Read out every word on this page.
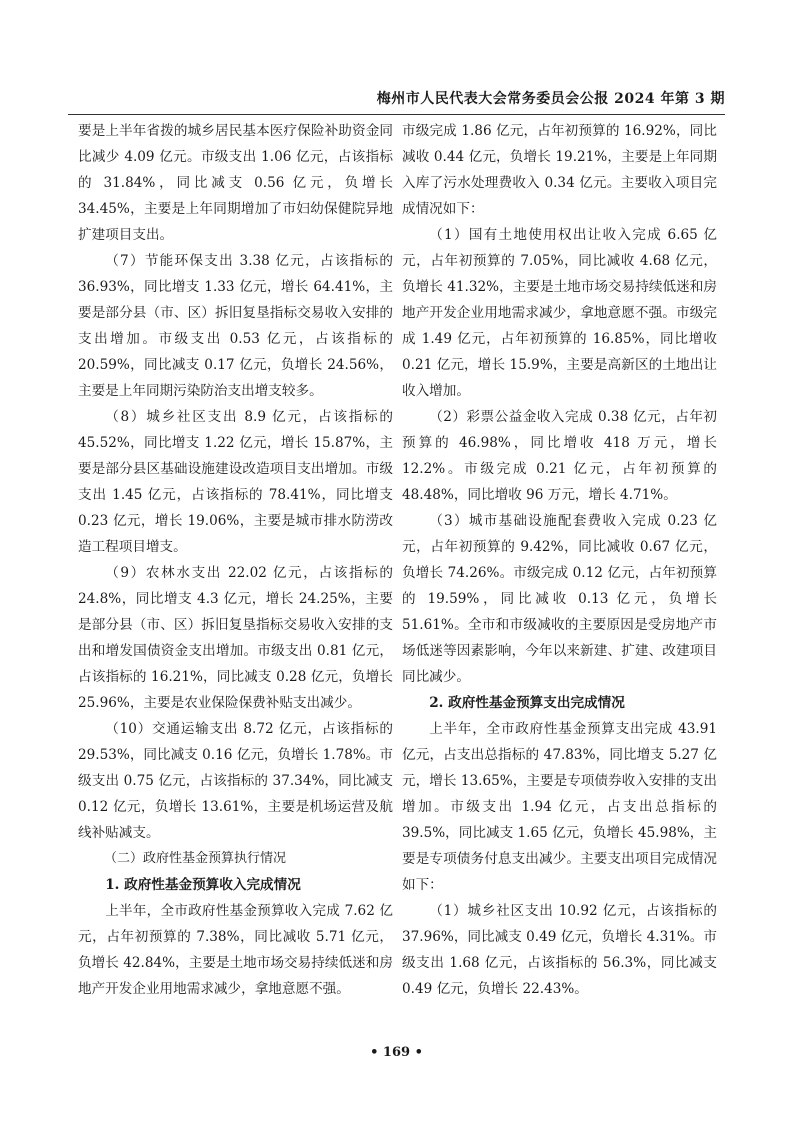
梅州市人民代表大会常务委员会公报 2024 年第 3 期

要是上半年省拨的城乡居民基本医疗保险补助资金同比减少 4.09 亿元。市级支出 1.06 亿元，占该指标的 31.84%，同比减支 0.56 亿元，负增长 34.45%，主要是上年同期增加了市妇幼保健院异地扩建项目支出。

（7）节能环保支出 3.38 亿元，占该指标的 36.93%，同比增支 1.33 亿元，增长 64.41%，主要是部分县（市、区）拆旧复垦指标交易收入安排的支出增加。市级支出 0.53 亿元，占该指标的 20.59%，同比减支 0.17 亿元，负增长 24.56%，主要是上年同期污染防治支出增支较多。

（8）城乡社区支出 8.9 亿元，占该指标的 45.52%，同比增支 1.22 亿元，增长 15.87%，主要是部分县区基础设施建设改造项目支出增加。市级支出 1.45 亿元，占该指标的 78.41%，同比增支 0.23 亿元，增长 19.06%，主要是城市排水防涝改造工程项目增支。

（9）农林水支出 22.02 亿元，占该指标的 24.8%，同比增支 4.3 亿元，增长 24.25%，主要是部分县（市、区）拆旧复垦指标交易收入安排的支出和增发国债资金支出增加。市级支出 0.81 亿元，占该指标的 16.21%，同比减支 0.28 亿元，负增长 25.96%，主要是农业保险保费补贴支出减少。

（10）交通运输支出 8.72 亿元，占该指标的 29.53%，同比减支 0.16 亿元，负增长 1.78%。市级支出 0.75 亿元，占该指标的 37.34%，同比减支 0.12 亿元，负增长 13.61%，主要是机场运营及航线补贴减支。

（二）政府性基金预算执行情况

1. 政府性基金预算收入完成情况

上半年，全市政府性基金预算收入完成 7.62 亿元，占年初预算的 7.38%，同比减收 5.71 亿元，负增长 42.84%，主要是土地市场交易持续低迷和房地产开发企业用地需求减少，拿地意愿不强。

市级完成 1.86 亿元，占年初预算的 16.92%，同比减收 0.44 亿元，负增长 19.21%，主要是上年同期入库了污水处理费收入 0.34 亿元。主要收入项目完成情况如下：

（1）国有土地使用权出让收入完成 6.65 亿元，占年初预算的 7.05%，同比减收 4.68 亿元，负增长 41.32%，主要是土地市场交易持续低迷和房地产开发企业用地需求减少，拿地意愿不强。市级完成 1.49 亿元，占年初预算的 16.85%，同比增收 0.21 亿元，增长 15.9%，主要是高新区的土地出让收入增加。

（2）彩票公益金收入完成 0.38 亿元，占年初预算的 46.98%，同比增收 418 万元，增长 12.2%。市级完成 0.21 亿元，占年初预算的 48.48%，同比增收 96 万元，增长 4.71%。

（3）城市基础设施配套费收入完成 0.23 亿元，占年初预算的 9.42%，同比减收 0.67 亿元，负增长 74.26%。市级完成 0.12 亿元，占年初预算的 19.59%，同比减收 0.13 亿元，负增长 51.61%。全市和市级减收的主要原因是受房地产市场低迷等因素影响，今年以来新建、扩建、改建项目同比减少。

2. 政府性基金预算支出完成情况

上半年，全市政府性基金预算支出完成 43.91 亿元，占支出总指标的 47.83%，同比增支 5.27 亿元，增长 13.65%，主要是专项债券收入安排的支出增加。市级支出 1.94 亿元，占支出总指标的 39.5%，同比减支 1.65 亿元，负增长 45.98%，主要是专项债务付息支出减少。主要支出项目完成情况如下：

（1）城乡社区支出 10.92 亿元，占该指标的 37.96%，同比减支 0.49 亿元，负增长 4.31%。市级支出 1.68 亿元，占该指标的 56.3%，同比减支 0.49 亿元，负增长 22.43%。

• 169 •
